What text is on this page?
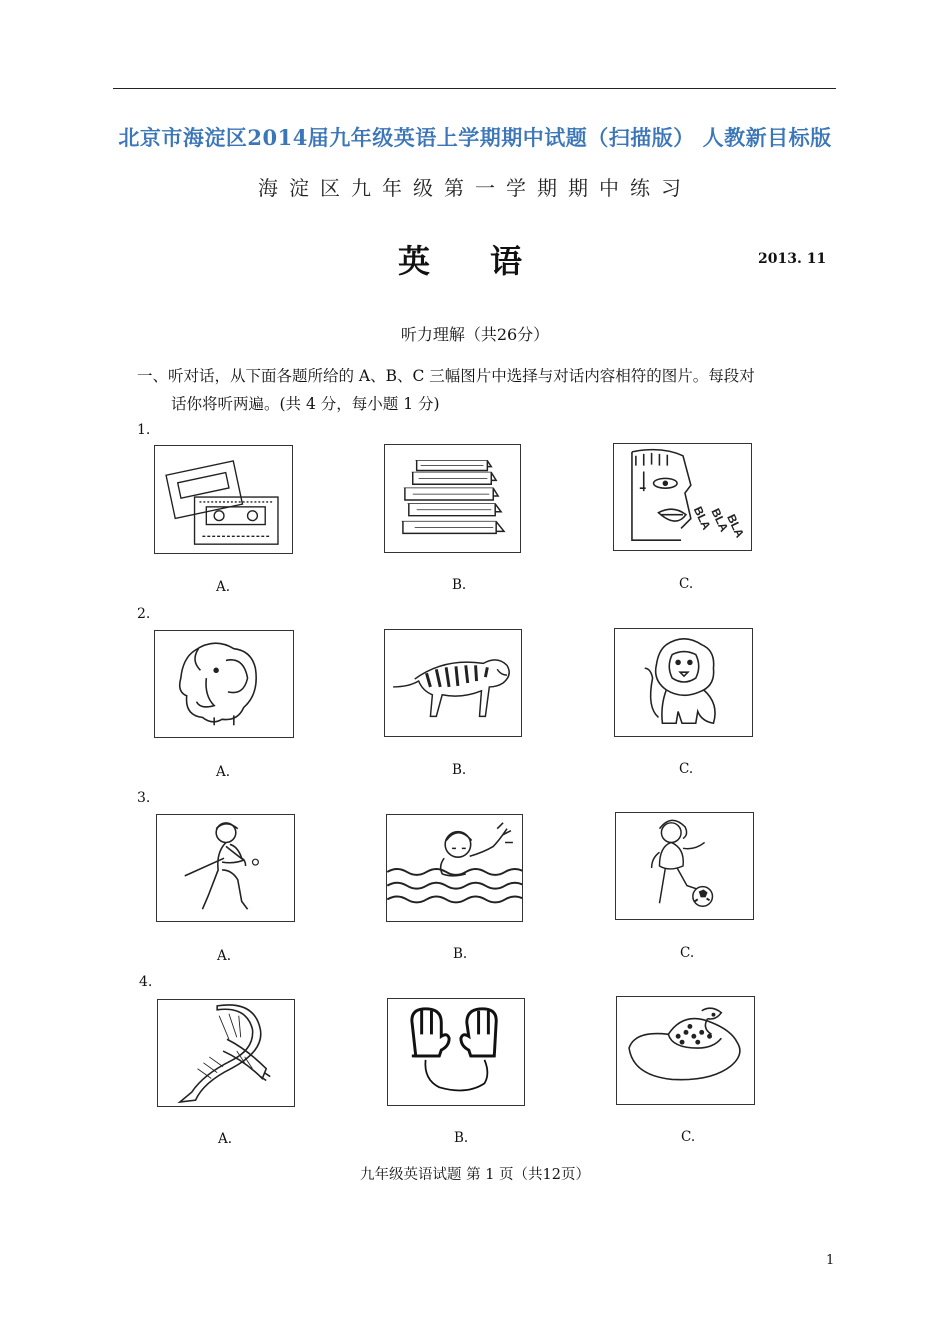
北京市海淀区2014届九年级英语上学期期中试题（扫描版） 人教新目标版
海淀区九年级第一学期期中练习
英语	2013. 11
听力理解（共26分）
一、听对话，从下面各题所给的 A、B、C 三幅图片中选择与对话内容相符的图片。每段对
话你将听两遍。(共 4 分，每小题 1 分)
1.
BLA
BLA
BLA
A.	B.	C.
2.
A.	B.	C.
3.
A.	B.	C.
4.
A.	B.	C.
九年级英语试题 第 1 页（共12页）
1
